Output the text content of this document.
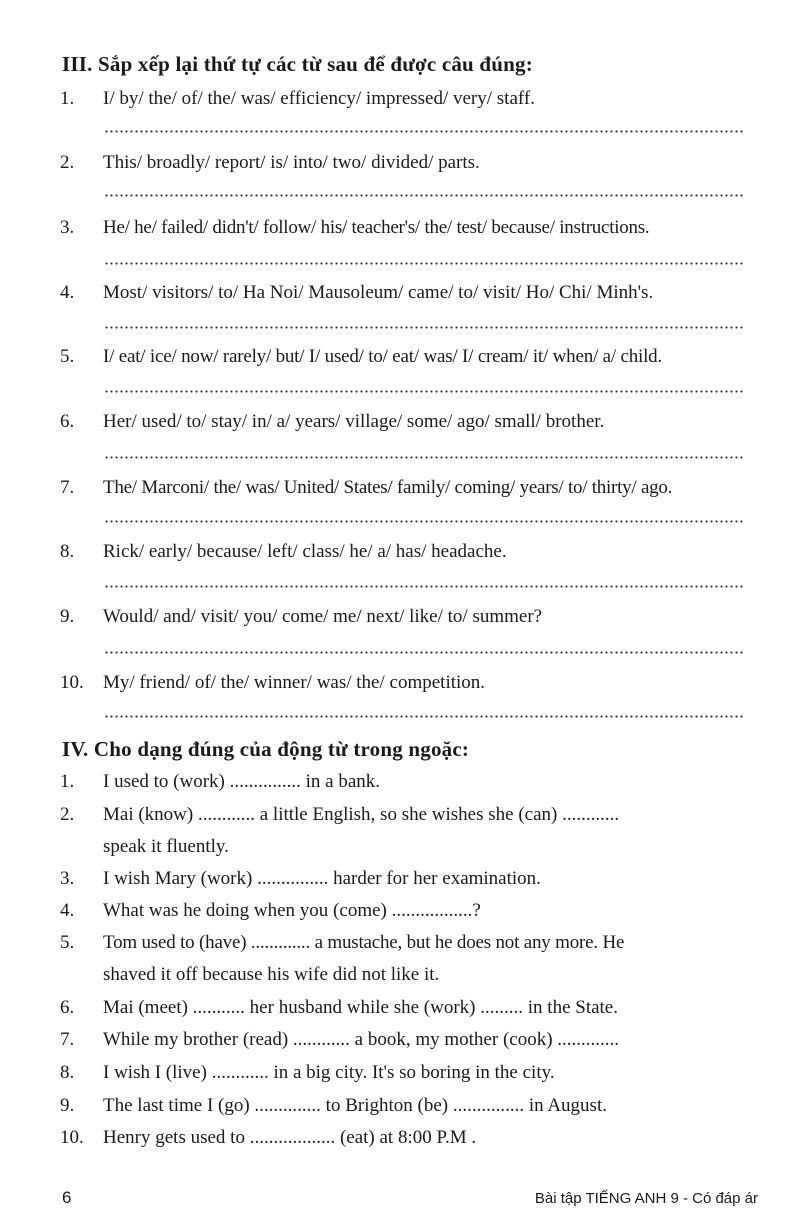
III. Sắp xếp lại thứ tự các từ sau để được câu đúng:
1. I/ by/ the/ of/ the/ was/ efficiency/ impressed/ very/ staff.
2. This/ broadly/ report/ is/ into/ two/ divided/ parts.
3. He/ he/ failed/ didn't/ follow/ his/ teacher's/ the/ test/ because/ instructions.
4. Most/ visitors/ to/ Ha Noi/ Mausoleum/ came/ to/ visit/ Ho/ Chi/ Minh's.
5. I/ eat/ ice/ now/ rarely/ but/ I/ used/ to/ eat/ was/ I/ cream/ it/ when/ a/ child.
6. Her/ used/ to/ stay/ in/ a/ years/ village/ some/ ago/ small/ brother.
7. The/ Marconi/ the/ was/ United/ States/ family/ coming/ years/ to/ thirty/ ago.
8. Rick/ early/ because/ left/ class/ he/ a/ has/ headache.
9. Would/ and/ visit/ you/ come/ me/ next/ like/ to/ summer?
10. My/ friend/ of/ the/ winner/ was/ the/ competition.
IV. Cho dạng đúng của động từ trong ngoặc:
1. I used to (work) ............... in a bank.
2. Mai (know) ............ a little English, so she wishes she (can) ............
speak it fluently.
3. I wish Mary (work) ............... harder for her examination.
4. What was he doing when you (come) .................?
5. Tom used to (have) ............. a mustache, but he does not any more. He
shaved it off because his wife did not like it.
6. Mai (meet) ........... her husband while she (work) ......... in the State.
7. While my brother (read) ............ a book, my mother (cook) .............
8. I wish I (live) ............ in a big city. It's so boring in the city.
9. The last time I (go) .............. to Brighton (be) ............... in August.
10. Henry gets used to .................. (eat) at 8:00 P.M .
6	Bài tập TIẾNG ANH 9 - Có đáp ár
